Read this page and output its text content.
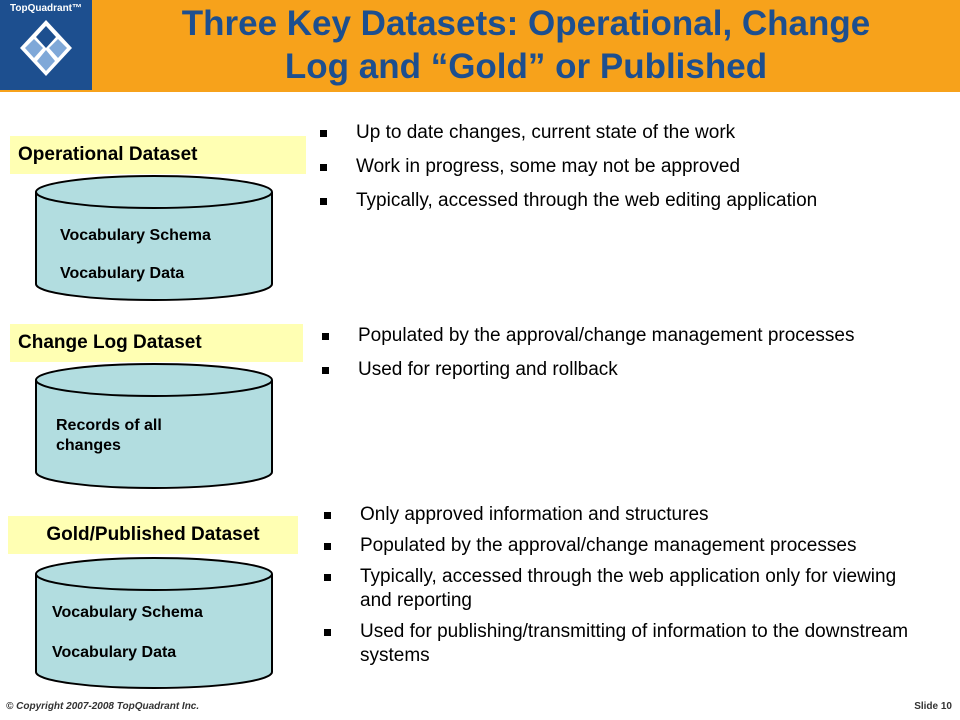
TopQuadrant™	Three Key Datasets: Operational, Change
Log and “Gold” or Published
Operational Dataset
Vocabulary Schema
Vocabulary Data
Up to date changes, current state of the work
Work in progress, some may not be approved
Typically, accessed through the web editing application
Change Log Dataset
Records of all changes
Populated by the approval/change management processes
Used for reporting and rollback
Gold/Published Dataset
Vocabulary Schema
Vocabulary Data
Only approved information and structures
Populated by the approval/change management processes
Typically, accessed through the web application only for viewing and reporting
Used for publishing/transmitting of information to the downstream systems
© Copyright 2007-2008 TopQuadrant Inc.	Slide 10
